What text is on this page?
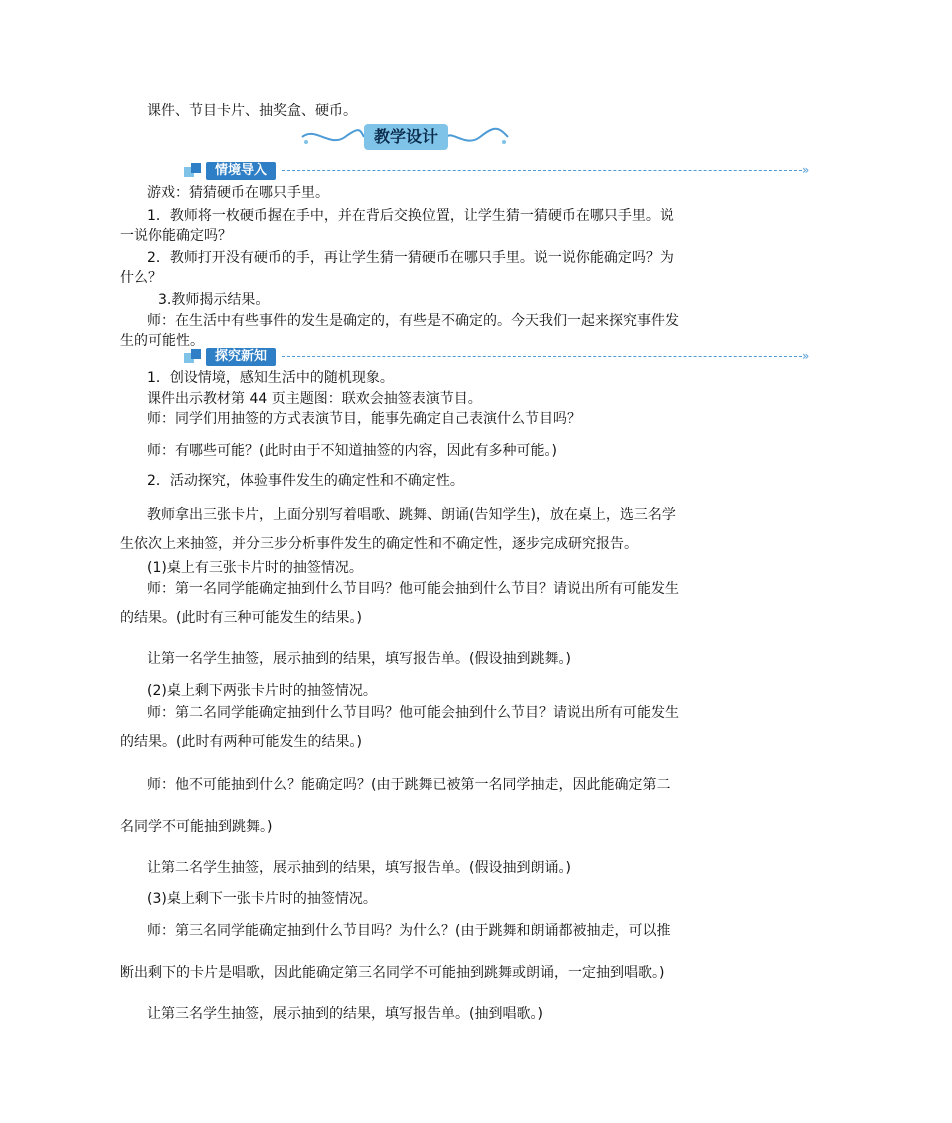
课件、节目卡片、抽奖盒、硬币。
教学设计
情境导入	»
游戏：猜猜硬币在哪只手里。
1．教师将一枚硬币握在手中，并在背后交换位置，让学生猜一猜硬币在哪只手里。说
一说你能确定吗？
2．教师打开没有硬币的手，再让学生猜一猜硬币在哪只手里。说一说你能确定吗？为
什么？
3.教师揭示结果。
师：在生活中有些事件的发生是确定的，有些是不确定的。今天我们一起来探究事件发
生的可能性。
探究新知	»
1．创设情境，感知生活中的随机现象。
课件出示教材第 44 页主题图：联欢会抽签表演节目。
师：同学们用抽签的方式表演节目，能事先确定自己表演什么节目吗？
师：有哪些可能？(此时由于不知道抽签的内容，因此有多种可能。)
2．活动探究，体验事件发生的确定性和不确定性。
教师拿出三张卡片，上面分别写着唱歌、跳舞、朗诵(告知学生)，放在桌上，选三名学
生依次上来抽签，并分三步分析事件发生的确定性和不确定性，逐步完成研究报告。
(1)桌上有三张卡片时的抽签情况。
师：第一名同学能确定抽到什么节目吗？他可能会抽到什么节目？请说出所有可能发生
的结果。(此时有三种可能发生的结果。)
让第一名学生抽签，展示抽到的结果，填写报告单。(假设抽到跳舞。)
(2)桌上剩下两张卡片时的抽签情况。
师：第二名同学能确定抽到什么节目吗？他可能会抽到什么节目？请说出所有可能发生
的结果。(此时有两种可能发生的结果。)
师：他不可能抽到什么？能确定吗？(由于跳舞已被第一名同学抽走，因此能确定第二
名同学不可能抽到跳舞。)
让第二名学生抽签，展示抽到的结果，填写报告单。(假设抽到朗诵。)
(3)桌上剩下一张卡片时的抽签情况。
师：第三名同学能确定抽到什么节目吗？为什么？(由于跳舞和朗诵都被抽走，可以推
断出剩下的卡片是唱歌，因此能确定第三名同学不可能抽到跳舞或朗诵，一定抽到唱歌。)
让第三名学生抽签，展示抽到的结果，填写报告单。(抽到唱歌。)
